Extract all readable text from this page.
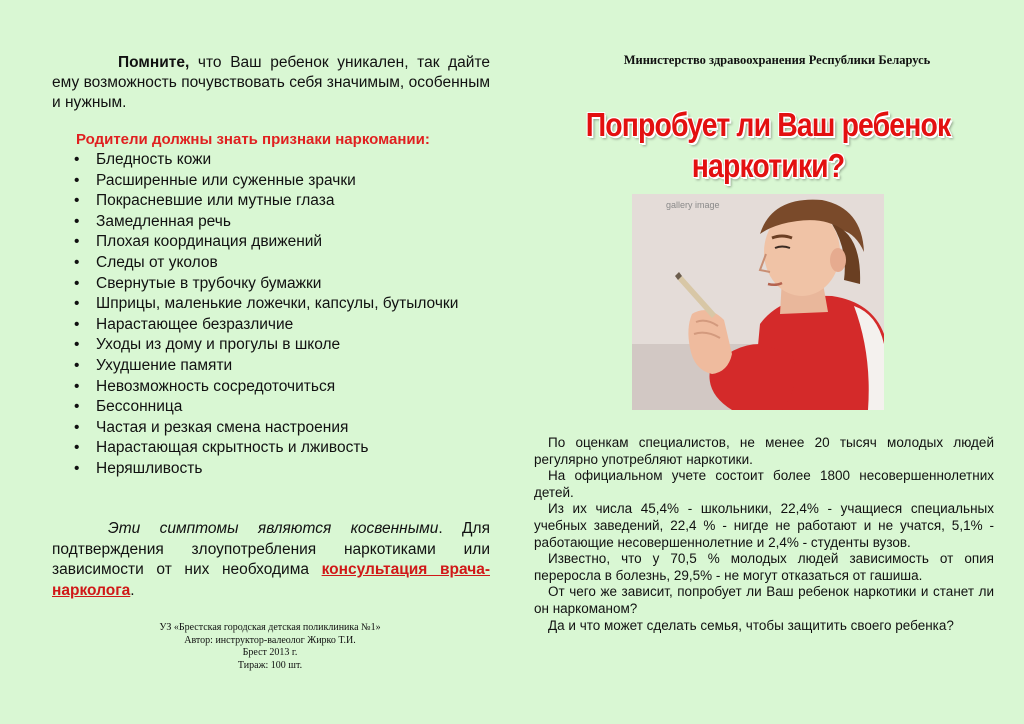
Помните, что Ваш ребенок уникален, так дайте ему возможность почувствовать себя значимым, особенным и нужным.
Родители должны знать признаки наркомании:
• Бледность кожи
• Расширенные или суженные зрачки
• Покрасневшие или мутные глаза
• Замедленная речь
• Плохая координация движений
• Следы от уколов
• Свернутые в трубочку бумажки
• Шприцы, маленькие ложечки, капсулы, бутылочки
• Нарастающее безразличие
• Уходы из дому и прогулы в школе
• Ухудшение памяти
• Невозможность сосредоточиться
• Бессонница
• Частая и резкая смена настроения
• Нарастающая скрытность и лживость
• Неряшливость
Эти симптомы являются косвенными. Для подтверждения злоупотребления наркотиками или зависимости от них необходима консультация врача-нарколога.
УЗ «Брестская городская детская поликлиника №1»
Автор: инструктор-валеолог Жирко Т.И.
Брест 2013 г.
Тираж: 100 шт.
Министерство здравоохранения Республики Беларусь
Попробует ли Ваш ребенок
наркотики?
gallery image

По оценкам специалистов, не менее 20 тысяч молодых людей регулярно употребляют наркотики.

На официальном учете состоит более 1800 несовершеннолетних детей.

Из их числа 45,4% - школьники, 22,4% - учащиеся специальных учебных заведений, 22,4 % - нигде не работают и не учатся, 5,1% - работающие несовершеннолетние и 2,4% - студенты вузов.

Известно, что у 70,5 % молодых людей зависимость от опия переросла в болезнь, 29,5% - не могут отказаться от гашиша.

От чего же зависит, попробует ли Ваш ребенок наркотики и станет ли он наркоманом?

Да и что может сделать семья, чтобы защитить своего ребенка?
